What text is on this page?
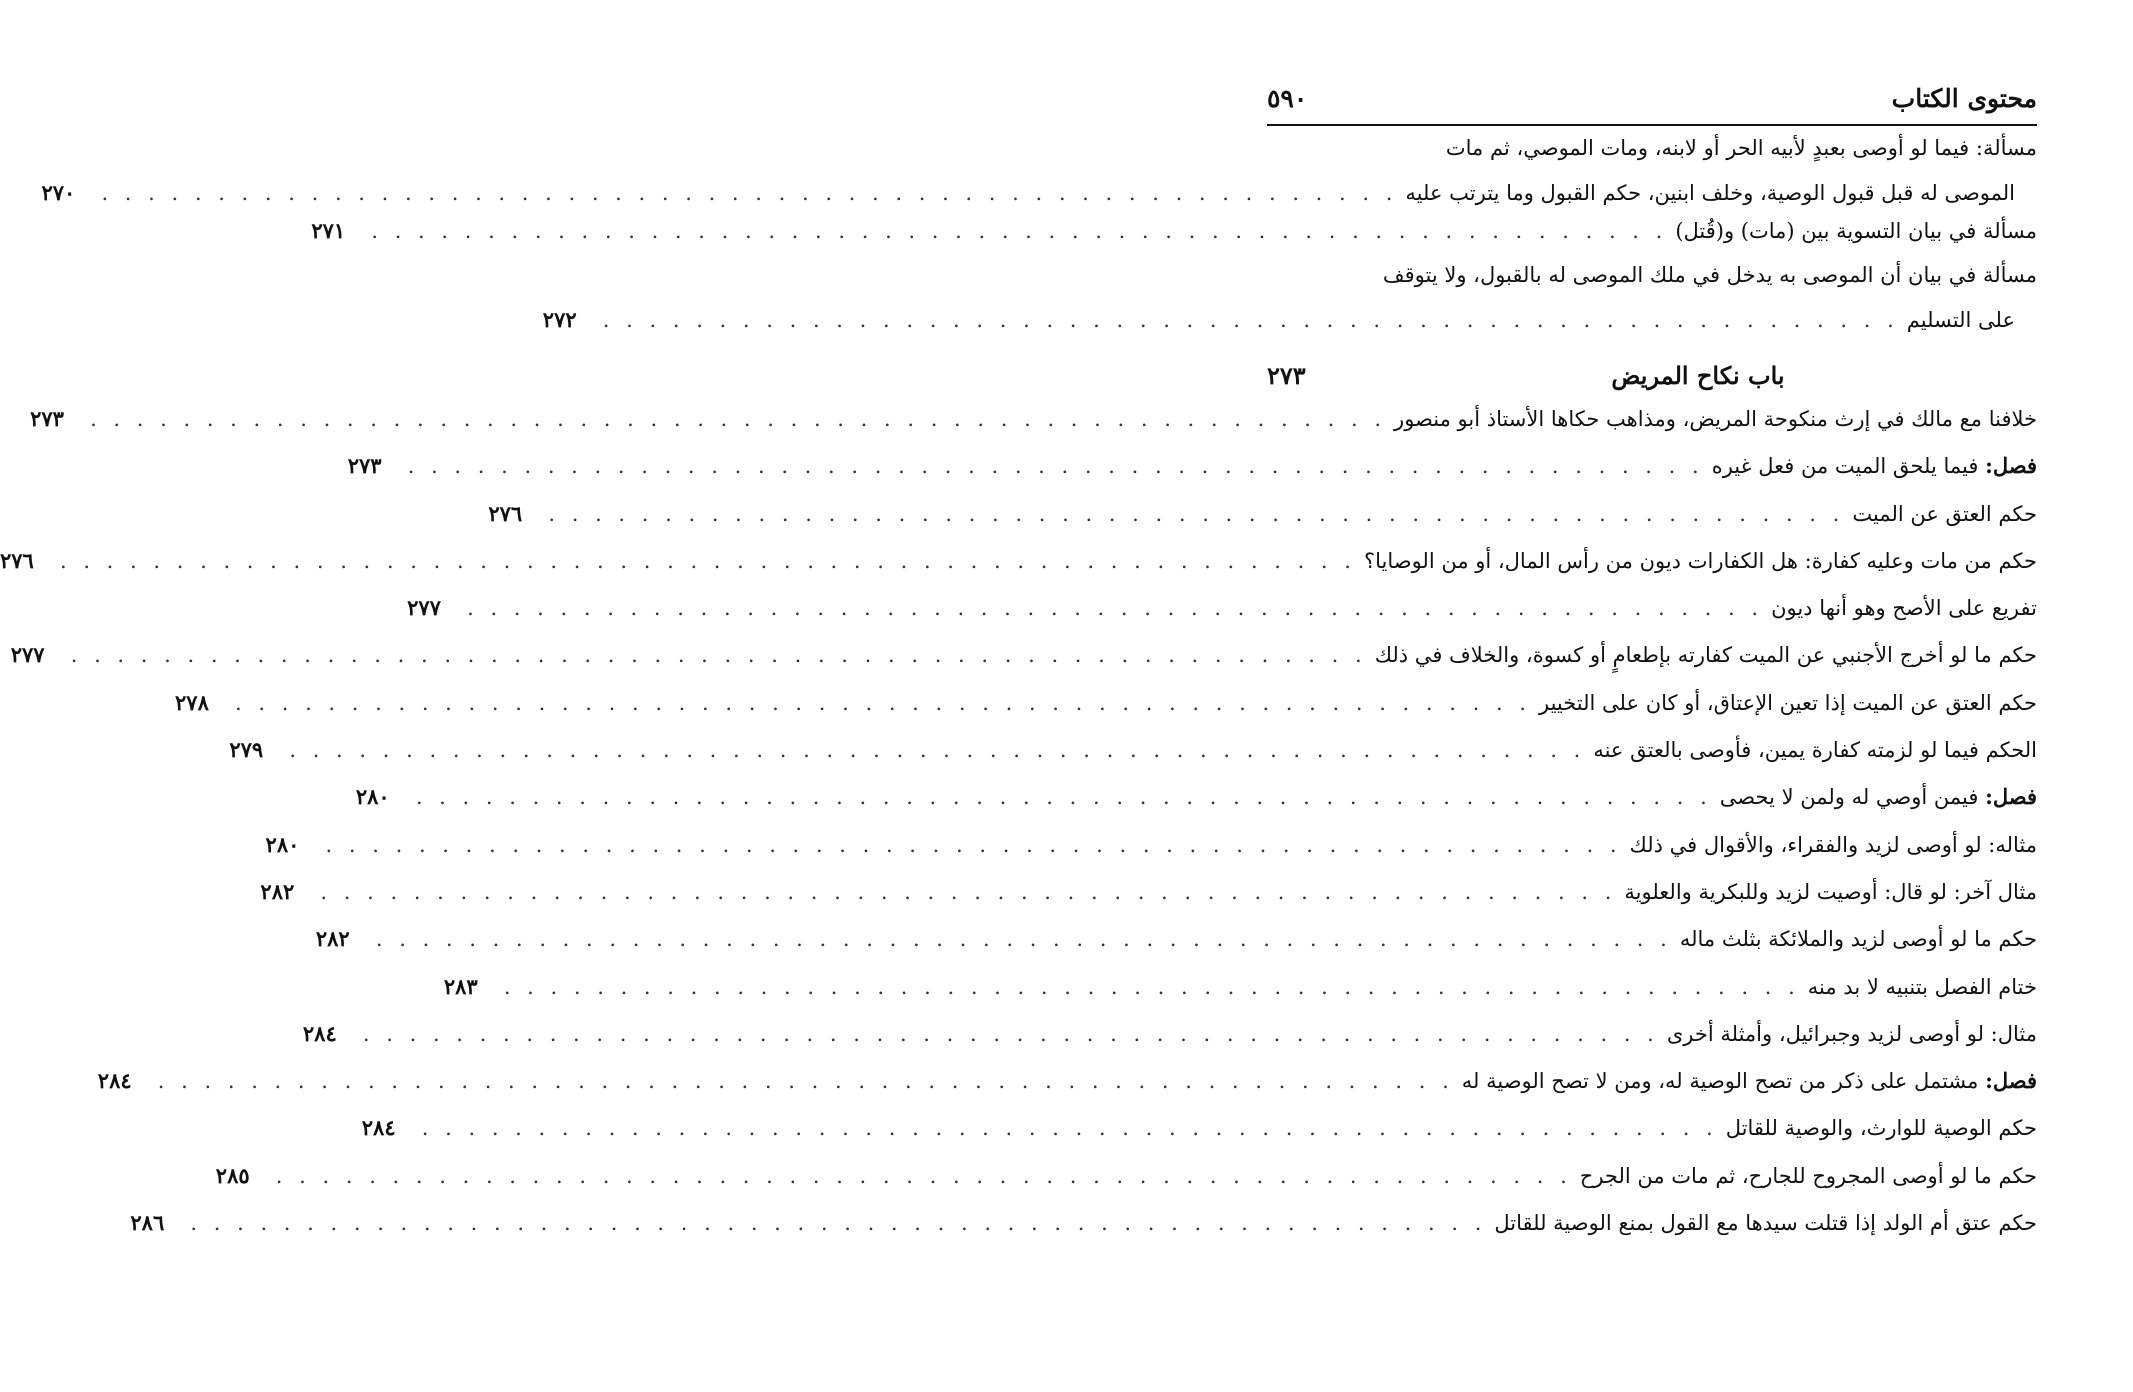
محتوى الكتاب
٥٩٠
مسألة: فيما لو أوصى بعبدٍ لأبيه الحر أو لابنه، ومات الموصي، ثم مات
الموصى له قبل قبول الوصية، وخلف ابنين، حكم القبول وما يترتب عليه
. . . . . . . . . . . . . . . . . . . . . . . . . . . . . . . . . . . . . . . . . . . . . . . . . . . . . . . .
٢٧٠
مسألة في بيان التسوية بين (مات) و(قُتل)
. . . . . . . . . . . . . . . . . . . . . . . . . . . . . . . . . . . . . . . . . . . . . . . . . . . . . . . .
٢٧١
مسألة في بيان أن الموصى به يدخل في ملك الموصى له بالقبول، ولا يتوقف
على التسليم
. . . . . . . . . . . . . . . . . . . . . . . . . . . . . . . . . . . . . . . . . . . . . . . . . . . . . . . .
٢٧٢
باب نكاح المريض
٢٧٣
خلافنا مع مالك في إرث منكوحة المريض، ومذاهب حكاها الأستاذ أبو منصور
. . . . . . . . . . . . . . . . . . . . . . . . . . . . . . . . . . . . . . . . . . . . . . . . . . . . . . . .
٢٧٣
فصل: فيما يلحق الميت من فعل غيره
. . . . . . . . . . . . . . . . . . . . . . . . . . . . . . . . . . . . . . . . . . . . . . . . . . . . . . . .
٢٧٣
حكم العتق عن الميت
. . . . . . . . . . . . . . . . . . . . . . . . . . . . . . . . . . . . . . . . . . . . . . . . . . . . . . . .
٢٧٦
حكم من مات وعليه كفارة: هل الكفارات ديون من رأس المال، أو من الوصايا؟
. . . . . . . . . . . . . . . . . . . . . . . . . . . . . . . . . . . . . . . . . . . . . . . . . . . . . . . .
٢٧٦
تفريع على الأصح وهو أنها ديون
. . . . . . . . . . . . . . . . . . . . . . . . . . . . . . . . . . . . . . . . . . . . . . . . . . . . . . . .
٢٧٧
حكم ما لو أخرج الأجنبي عن الميت كفارته بإطعامٍ أو كسوة، والخلاف في ذلك
. . . . . . . . . . . . . . . . . . . . . . . . . . . . . . . . . . . . . . . . . . . . . . . . . . . . . . . .
٢٧٧
حكم العتق عن الميت إذا تعين الإعتاق، أو كان على التخيير
. . . . . . . . . . . . . . . . . . . . . . . . . . . . . . . . . . . . . . . . . . . . . . . . . . . . . . . .
٢٧٨
الحكم فيما لو لزمته كفارة يمين، فأوصى بالعتق عنه
. . . . . . . . . . . . . . . . . . . . . . . . . . . . . . . . . . . . . . . . . . . . . . . . . . . . . . . .
٢٧٩
فصل: فيمن أوصي له ولمن لا يحصى
. . . . . . . . . . . . . . . . . . . . . . . . . . . . . . . . . . . . . . . . . . . . . . . . . . . . . . . .
٢٨٠
مثاله: لو أوصى لزيد والفقراء، والأقوال في ذلك
. . . . . . . . . . . . . . . . . . . . . . . . . . . . . . . . . . . . . . . . . . . . . . . . . . . . . . . .
٢٨٠
مثال آخر: لو قال: أوصيت لزيد وللبكرية والعلوية
. . . . . . . . . . . . . . . . . . . . . . . . . . . . . . . . . . . . . . . . . . . . . . . . . . . . . . . .
٢٨٢
حكم ما لو أوصى لزيد والملائكة بثلث ماله
. . . . . . . . . . . . . . . . . . . . . . . . . . . . . . . . . . . . . . . . . . . . . . . . . . . . . . . .
٢٨٢
ختام الفصل بتنبيه لا بد منه
. . . . . . . . . . . . . . . . . . . . . . . . . . . . . . . . . . . . . . . . . . . . . . . . . . . . . . . .
٢٨٣
مثال: لو أوصى لزيد وجبرائيل، وأمثلة أخرى
. . . . . . . . . . . . . . . . . . . . . . . . . . . . . . . . . . . . . . . . . . . . . . . . . . . . . . . .
٢٨٤
فصل: مشتمل على ذكر من تصح الوصية له، ومن لا تصح الوصية له
. . . . . . . . . . . . . . . . . . . . . . . . . . . . . . . . . . . . . . . . . . . . . . . . . . . . . . . .
٢٨٤
حكم الوصية للوارث، والوصية للقاتل
. . . . . . . . . . . . . . . . . . . . . . . . . . . . . . . . . . . . . . . . . . . . . . . . . . . . . . . .
٢٨٤
حكم ما لو أوصى المجروح للجارح، ثم مات من الجرح
. . . . . . . . . . . . . . . . . . . . . . . . . . . . . . . . . . . . . . . . . . . . . . . . . . . . . . . .
٢٨٥
حكم عتق أم الولد إذا قتلت سيدها مع القول بمنع الوصية للقاتل
. . . . . . . . . . . . . . . . . . . . . . . . . . . . . . . . . . . . . . . . . . . . . . . . . . . . . . . .
٢٨٦
